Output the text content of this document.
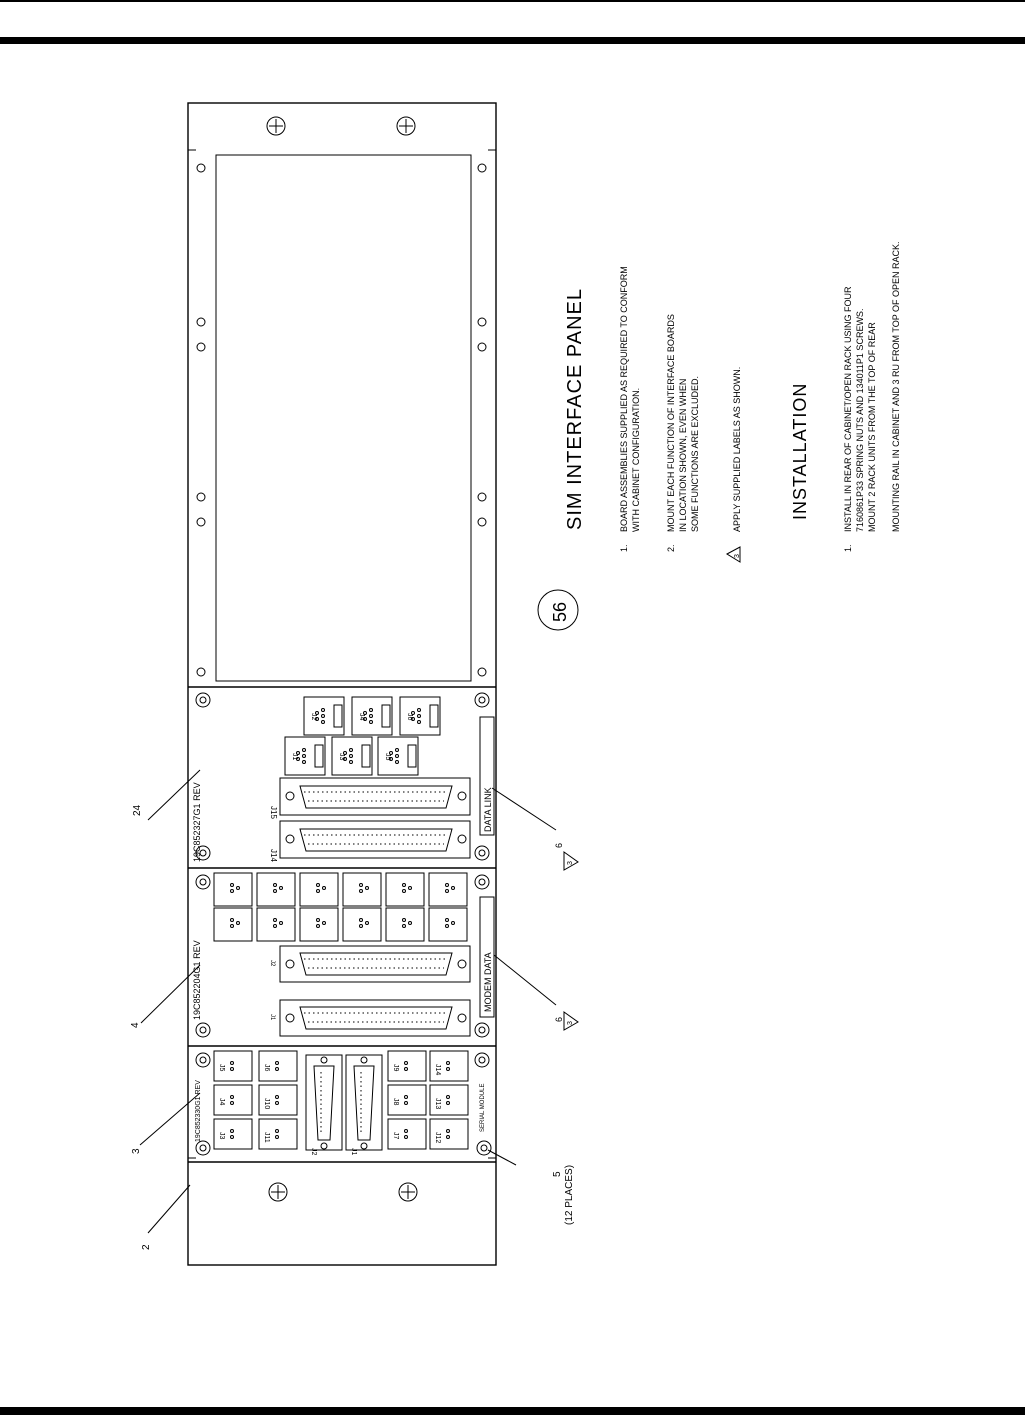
19C852327G1 REV
19C852204G1 REV
19C852330G1 REV
DATA LINK
MODEM DATA
SERIAL MODULE
J15
J14
J2	J4	J6
J1	J3	J5
J2
J1
J3
J4
J5
J11
J10
J6
J2	J1
J7
J8
J9
J12
J13
J14
24
4
3
2
5 (12 PLACES)
6
3
6
3
56
SIM INTERFACE PANEL
1.
BOARD ASSEMBLIES SUPPLIED AS REQUIRED TO CONFORM WITH CABINET CONFIGURATION.
2.
MOUNT EACH FUNCTION OF INTERFACE BOARDS IN LOCATION SHOWN, EVEN WHEN SOME FUNCTIONS ARE EXCLUDED.
3
APPLY SUPPLIED LABELS AS SHOWN.	INSTALLATION
1.
INSTALL IN REAR OF CABINET/OPEN RACK USING FOUR 7160861P33 SPRING NUTS AND 134011P1 SCREWS. MOUNT 2 RACK UNITS FROM THE TOP OF REAR MOUNTING RAIL IN CABINET AND 3 RU FROM TOP OF OPEN RACK.
